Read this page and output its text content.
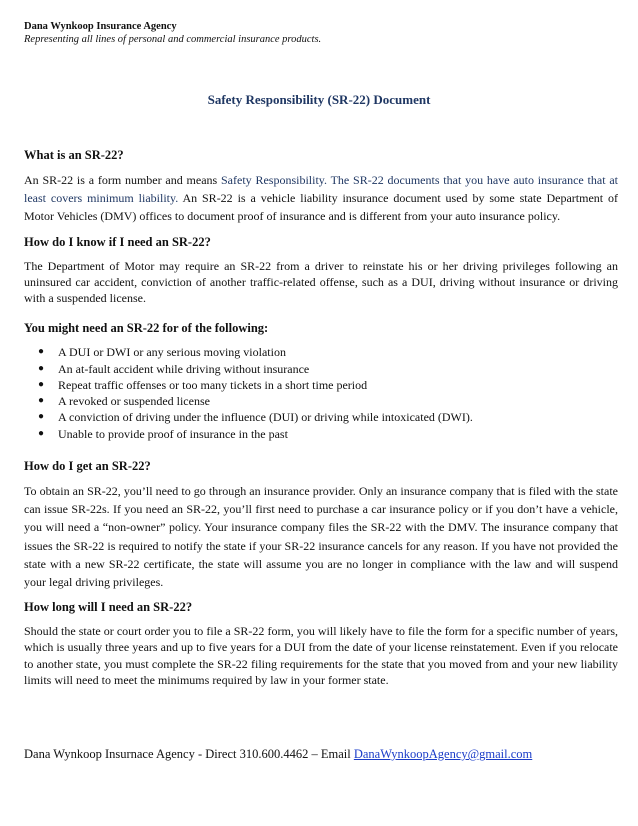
Dana Wynkoop Insurance Agency
Representing all lines of personal and commercial insurance products.
Safety Responsibility (SR-22) Document
What is an SR-22?

An SR-22 is a form number and means Safety Responsibility. The SR-22 documents that you have auto insurance that at least covers minimum liability. An SR-22 is a vehicle liability insurance document used by some state Department of Motor Vehicles (DMV) offices to document proof of insurance and is different from your auto insurance policy.

How do I know if I need an SR-22?

The Department of Motor may require an SR-22 from a driver to reinstate his or her driving privileges following an uninsured car accident, conviction of another traffic-related offense, such as a DUI, driving without insurance or driving with a suspended license.

You might need an SR-22 for of the following:
●	A DUI or DWI or any serious moving violation
●	An at-fault accident while driving without insurance
●	Repeat traffic offenses or too many tickets in a short time period
●	A revoked or suspended license
●	A conviction of driving under the influence (DUI) or driving while intoxicated (DWI).
●	Unable to provide proof of insurance in the past
How do I get an SR-22?

To obtain an SR-22, you’ll need to go through an insurance provider. Only an insurance company that is filed with the state can issue SR-22s. If you need an SR-22, you’ll first need to purchase a car insurance policy or if you don’t have a vehicle, you will need a “non-owner” policy. Your insurance company files the SR-22 with the DMV. The insurance company that issues the SR-22 is required to notify the state if your SR-22 insurance cancels for any reason. If you have not provided the state with a new SR-22 certificate, the state will assume you are no longer in compliance with the law and will suspend your legal driving privileges.

How long will I need an SR-22?

Should the state or court order you to file a SR-22 form, you will likely have to file the form for a specific number of years, which is usually three years and up to five years for a DUI from the date of your license reinstatement. Even if you relocate to another state, you must complete the SR-22 filing requirements for the state that you moved from and your new liability limits will need to meet the minimums required by law in your former state.

Dana Wynkoop Insurnace Agency - Direct 310.600.4462 – Email DanaWynkoopAgency@gmail.com
